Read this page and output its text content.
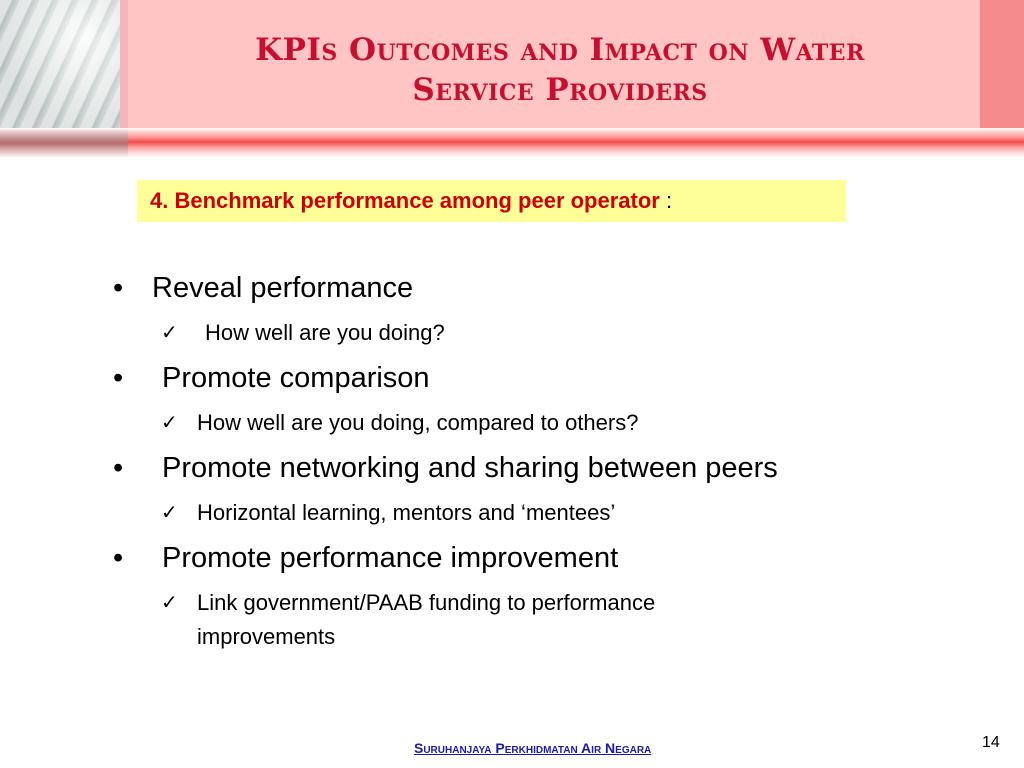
KPIs Outcomes and Impact on Water
Service Providers
4. Benchmark performance among peer operator :
• Reveal performance
✓ How well are you doing?
• Promote comparison
✓ How well are you doing, compared to others?
• Promote networking and sharing between peers
✓ Horizontal learning, mentors and ‘mentees’
• Promote performance improvement
✓ Link government/PAAB funding to performance
improvements
Suruhanjaya Perkhidmatan Air Negara	14
